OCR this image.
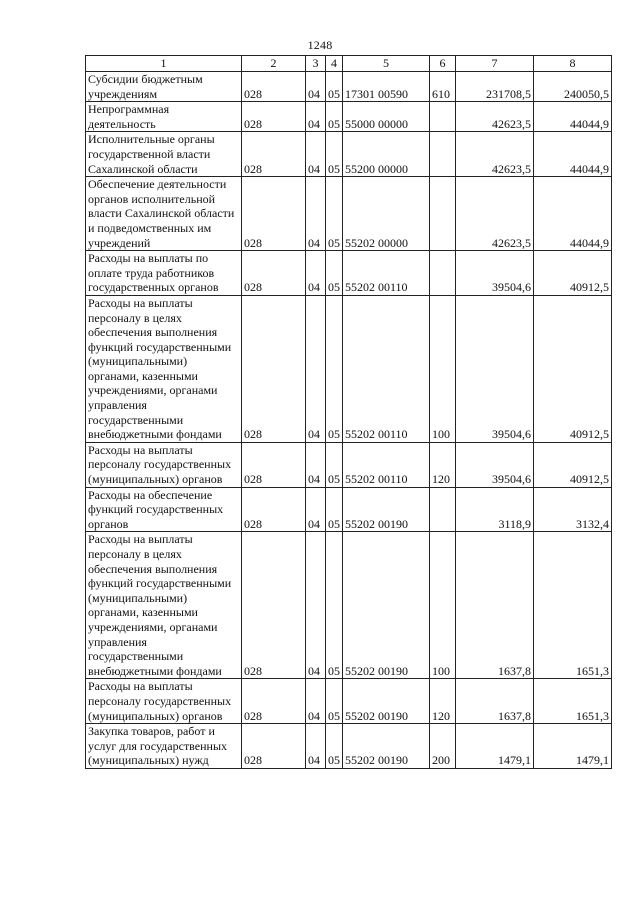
1248
1	2	3	4	5	6	7	8
Субсидии бюджетным учреждениям	028	04	05	17301 00590	610	231708,5	240050,5
Непрограммная деятельность	028	04	05	55000 00000		42623,5	44044,9
Исполнительные органы государственной власти Сахалинской области	028	04	05	55200 00000		42623,5	44044,9
Обеспечение деятельности органов исполнительной власти Сахалинской области и подведомственных им учреждений	028	04	05	55202 00000		42623,5	44044,9
Расходы на выплаты по оплате труда работников государственных органов	028	04	05	55202 00110		39504,6	40912,5
Расходы на выплаты персоналу в целях обеспечения выполнения функций государственными (муниципальными) органами, казенными учреждениями, органами управления государственными внебюджетными фондами	028	04	05	55202 00110	100	39504,6	40912,5
Расходы на выплаты персоналу государственных (муниципальных) органов	028	04	05	55202 00110	120	39504,6	40912,5
Расходы на обеспечение функций государственных органов	028	04	05	55202 00190		3118,9	3132,4
Расходы на выплаты персоналу в целях обеспечения выполнения функций государственными (муниципальными) органами, казенными учреждениями, органами управления государственными внебюджетными фондами	028	04	05	55202 00190	100	1637,8	1651,3
Расходы на выплаты персоналу государственных (муниципальных) органов	028	04	05	55202 00190	120	1637,8	1651,3
Закупка товаров, работ и услуг для государственных (муниципальных) нужд	028	04	05	55202 00190	200	1479,1	1479,1
